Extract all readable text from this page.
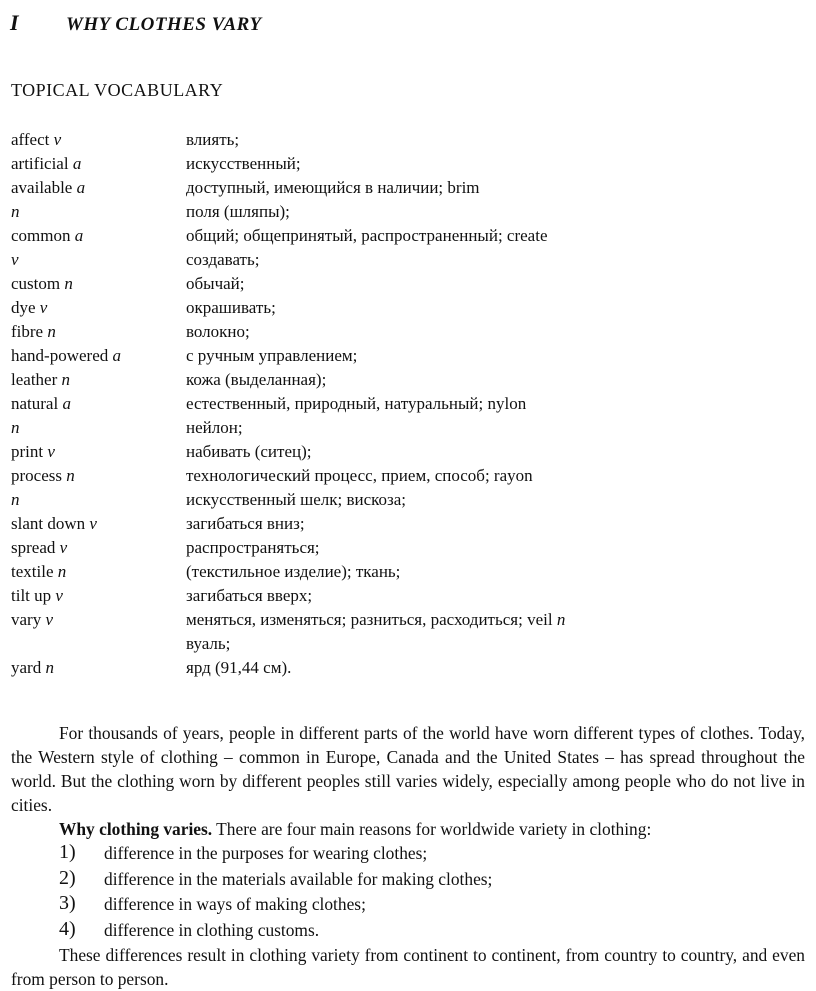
I WHY CLOTHES VARY
TOPICAL VOCABULARY
affect v	влиять;
artificial a	искусственный;
available a	доступный, имеющийся в наличии; brim
n	поля (шляпы);
common a	общий; общепринятый, распространенный; create
v	создавать;
custom n	обычай;
dye v	окрашивать;
fibre n	волокно;
hand-powered a	с ручным управлением;
leather n	кожа (выделанная);
natural a	естественный, природный, натуральный; nylon
n	нейлон;
print v	набивать (ситец);
process n	технологический процесс, прием, способ; rayon
n	искусственный шелк; вискоза;
slant down v	загибаться вниз;
spread v	распространяться;
textile n	(текстильное изделие); ткань;
tilt up v	загибаться вверх;
vary v	меняться, изменяться; разниться, расходиться; veil n
вуаль;
yard n	ярд (91,44 см).

For thousands of years, people in different parts of the world have worn different types of clothes. Today, the Western style of clothing – common in Europe, Canada and the United States – has spread throughout the world. But the clothing worn by different peoples still varies widely, especially among people who do not live in cities.

Why clothing varies. There are four main reasons for worldwide variety in clothing:

1) difference in the purposes for wearing clothes;
2) difference in the materials available for making clothes;
3) difference in ways of making clothes;
4) difference in clothing customs.

These differences result in clothing variety from continent to continent, from country to country, and even from person to person.
